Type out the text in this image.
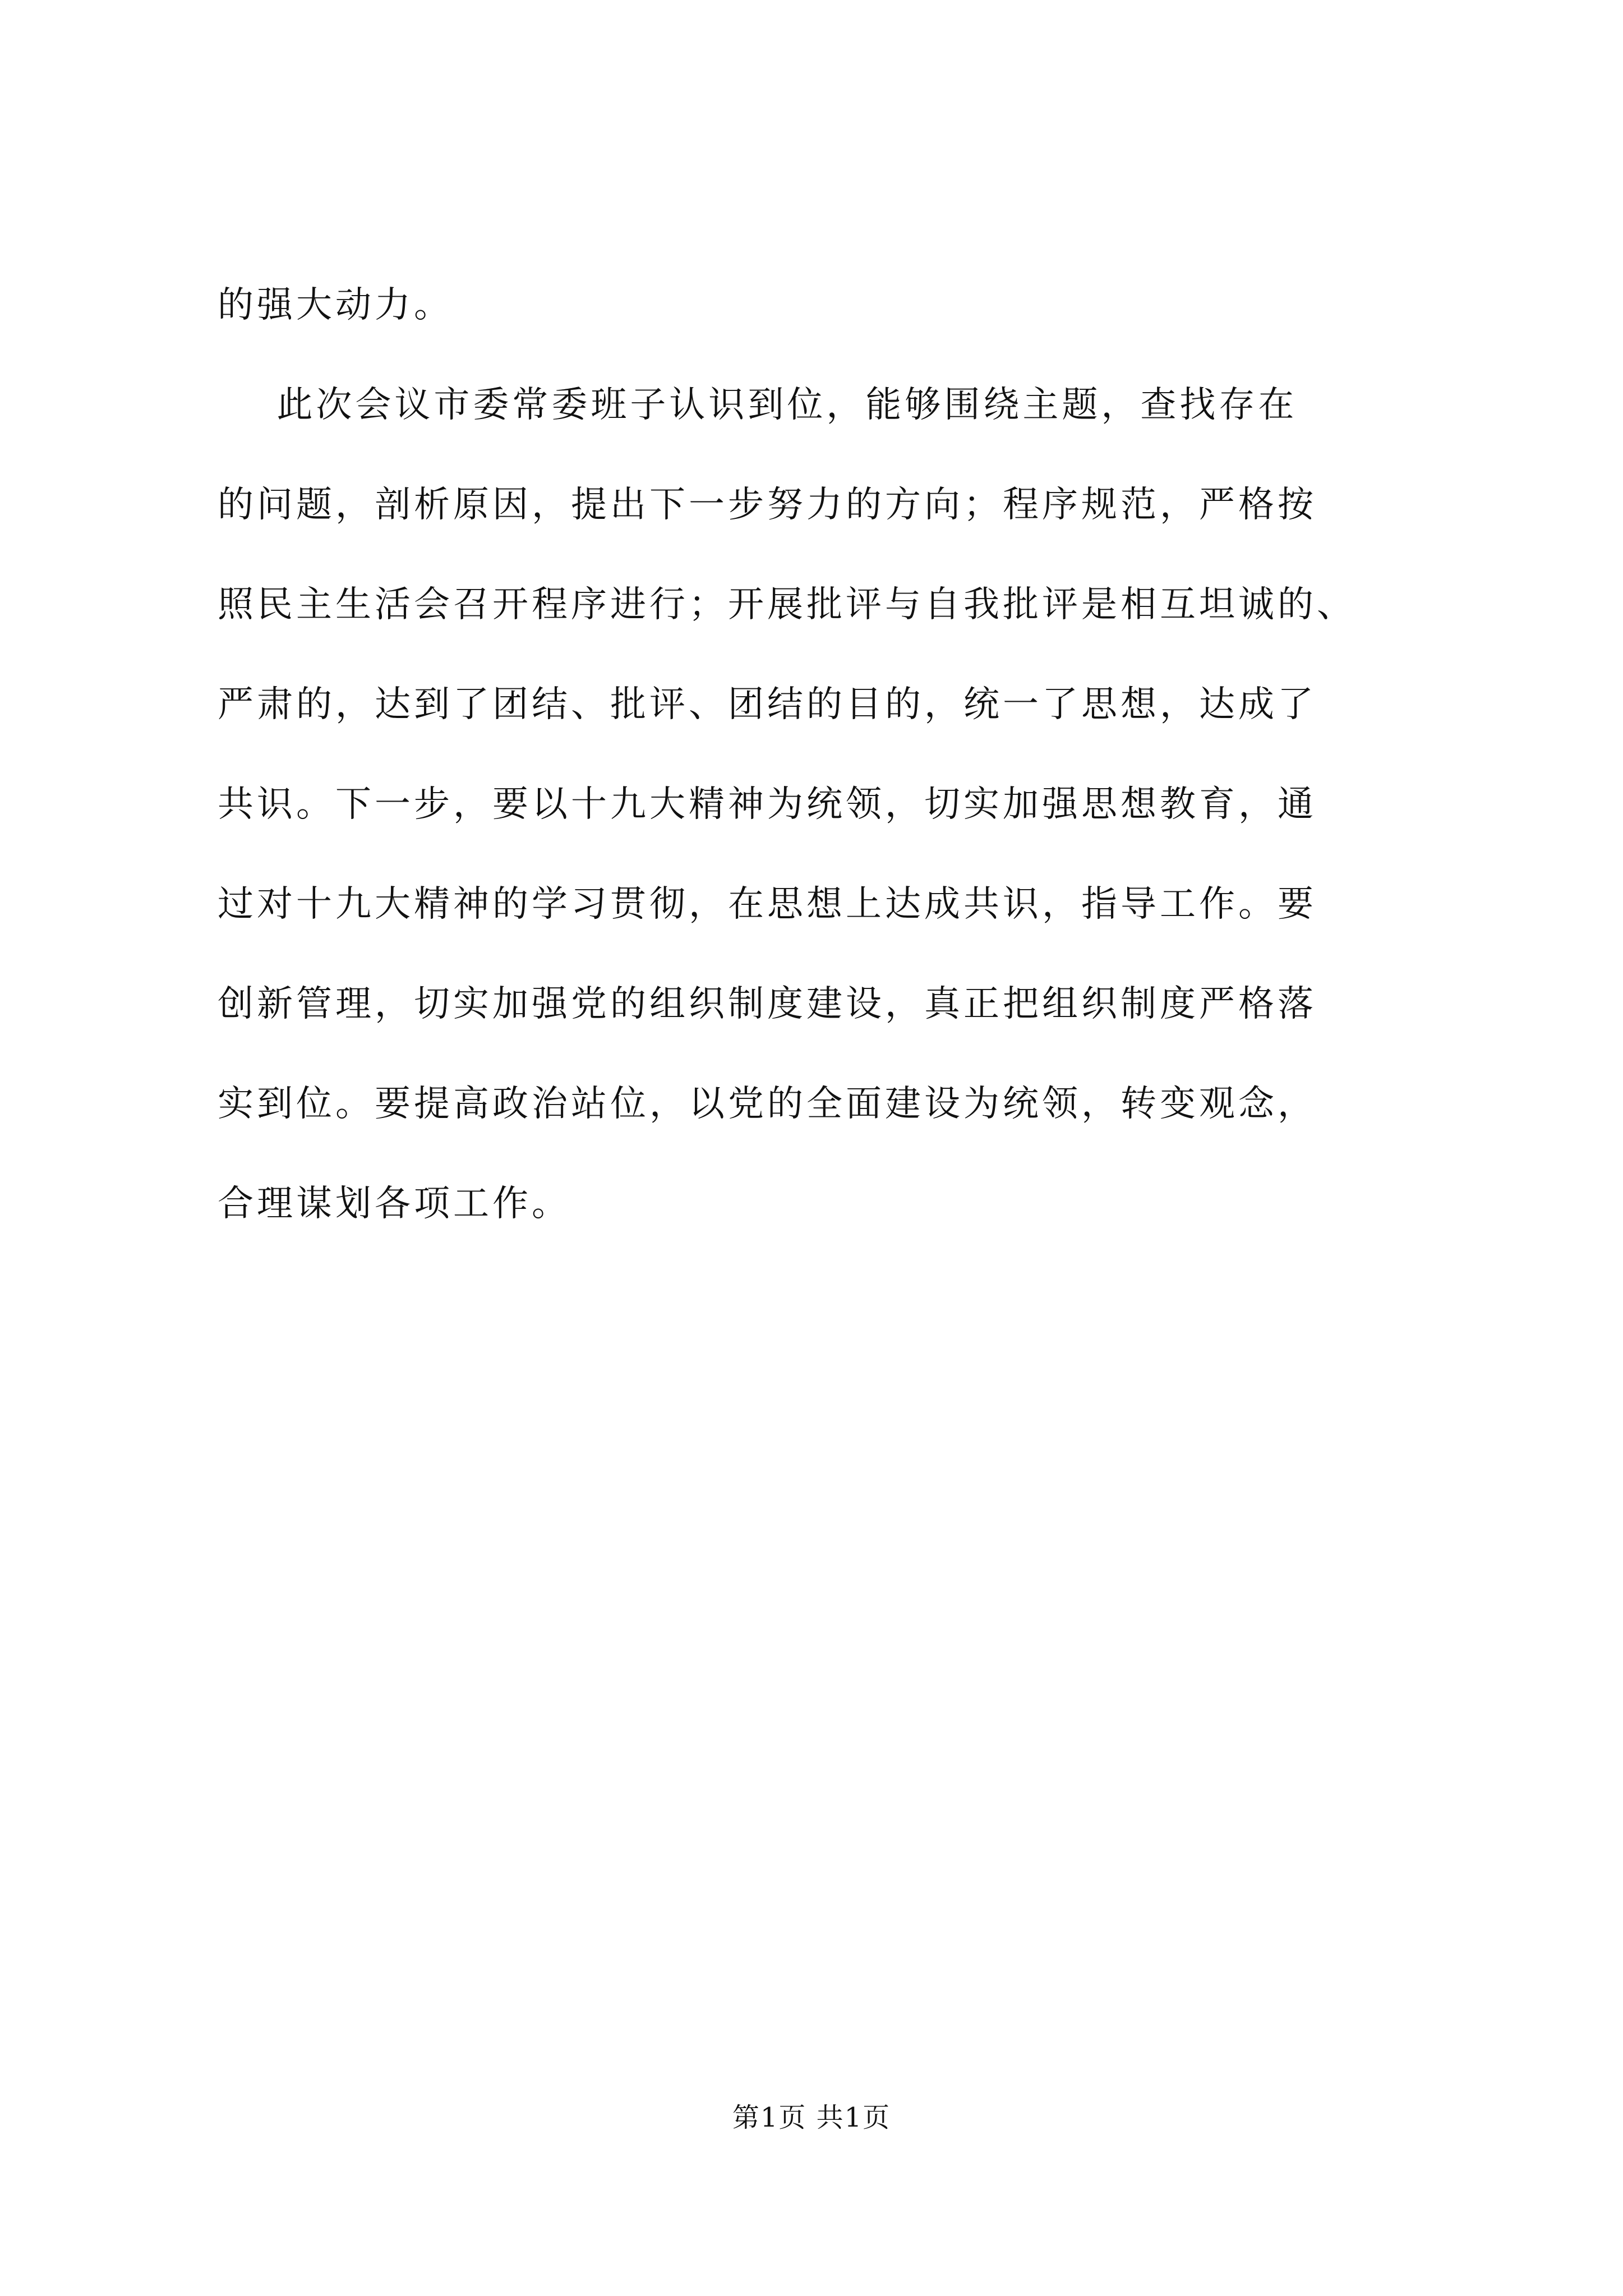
的强大动力。
此次会议市委常委班子认识到位，能够围绕主题，查找存在
的问题，剖析原因，提出下一步努力的方向；程序规范，严格按
照民主生活会召开程序进行；开展批评与自我批评是相互坦诚的、
严肃的，达到了团结、批评、团结的目的，统一了思想，达成了
共识。下一步，要以十九大精神为统领，切实加强思想教育，通
过对十九大精神的学习贯彻，在思想上达成共识，指导工作。要
创新管理，切实加强党的组织制度建设，真正把组织制度严格落
实到位。要提高政治站位，以党的全面建设为统领，转变观念，
合理谋划各项工作。
第1页 共1页
